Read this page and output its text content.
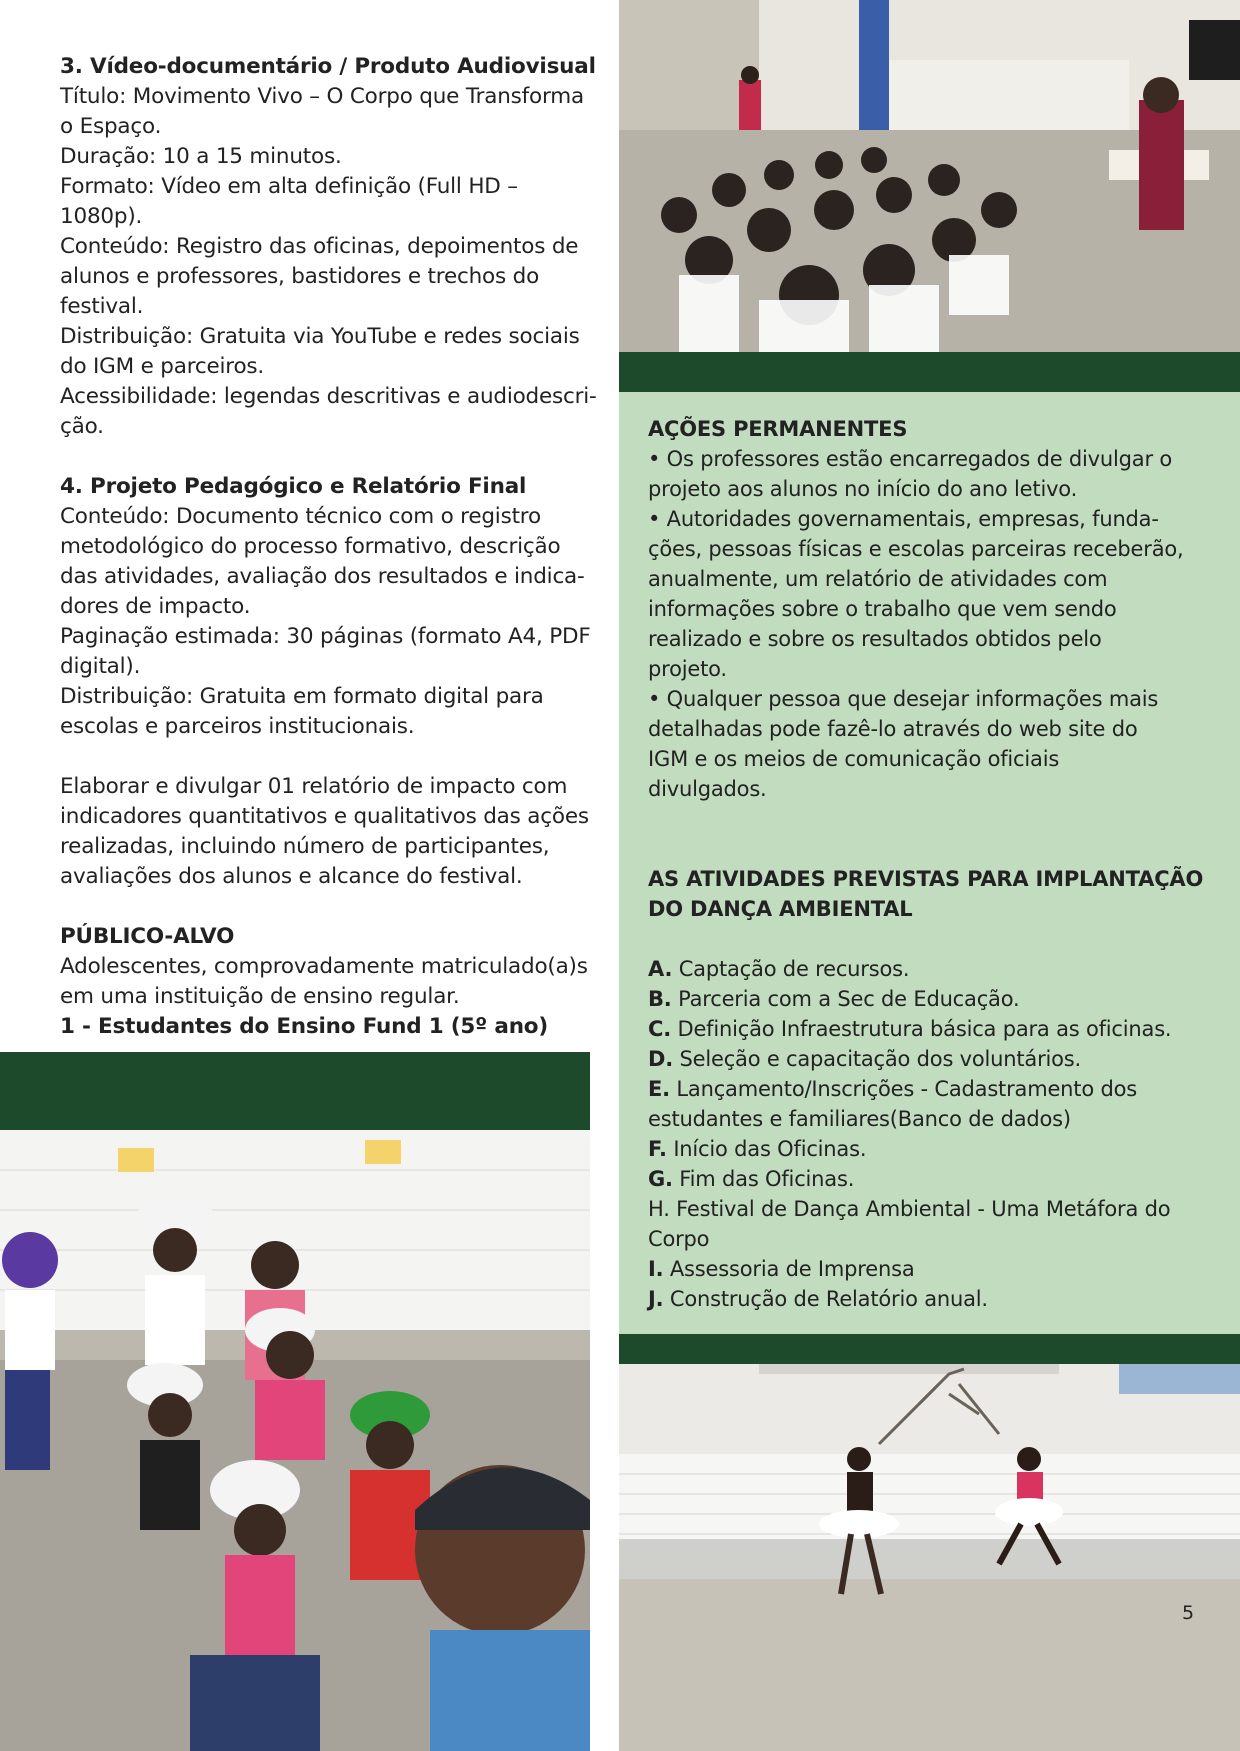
3. Vídeo-documentário / Produto Audiovisual

Título: Movimento Vivo – O Corpo que Transforma

o Espaço.

Duração: 10 a 15 minutos.

Formato: Vídeo em alta definição (Full HD – 1080p).

Conteúdo: Registro das oficinas, depoimentos de

alunos e professores, bastidores e trechos do

festival.

Distribuição: Gratuita via YouTube e redes sociais

do IGM e parceiros.

Acessibilidade: legendas descritivas e audiodescri-

ção.

4. Projeto Pedagógico e Relatório Final

Conteúdo: Documento técnico com o registro

metodológico do processo formativo, descrição

das atividades, avaliação dos resultados e indica-

dores de impacto.

Paginação estimada: 30 páginas (formato A4, PDF

digital).

Distribuição: Gratuita em formato digital para

escolas e parceiros institucionais.

Elaborar e divulgar 01 relatório de impacto com

indicadores quantitativos e qualitativos das ações

realizadas, incluindo número de participantes,

avaliações dos alunos e alcance do festival.

PÚBLICO-ALVO

Adolescentes, comprovadamente matriculado(a)s

em uma instituição de ensino regular.

1 - Estudantes do Ensino Fund 1 (5º ano)

AÇÕES PERMANENTES

• Os professores estão encarregados de divulgar o

projeto aos alunos no início do ano letivo.

• Autoridades governamentais, empresas, funda-

ções, pessoas físicas e escolas parceiras receberão,

anualmente, um relatório de atividades com

informações sobre o trabalho que vem sendo

realizado e sobre os resultados obtidos pelo

projeto.

• Qualquer pessoa que desejar informações mais

detalhadas pode fazê-lo através do web site do

IGM e os meios de comunicação oficiais

divulgados.

AS ATIVIDADES PREVISTAS PARA IMPLANTAÇÃO

DO DANÇA AMBIENTAL

A. Captação de recursos.

B. Parceria com a Sec de Educação.

C. Definição Infraestrutura básica para as oficinas.

D. Seleção e capacitação dos voluntários.

E. Lançamento/Inscrições - Cadastramento dos

estudantes e familiares(Banco de dados)

F. Início das Oficinas.

G. Fim das Oficinas.

H. Festival de Dança Ambiental - Uma Metáfora do

Corpo

I. Assessoria de Imprensa

J. Construção de Relatório anual.

5
